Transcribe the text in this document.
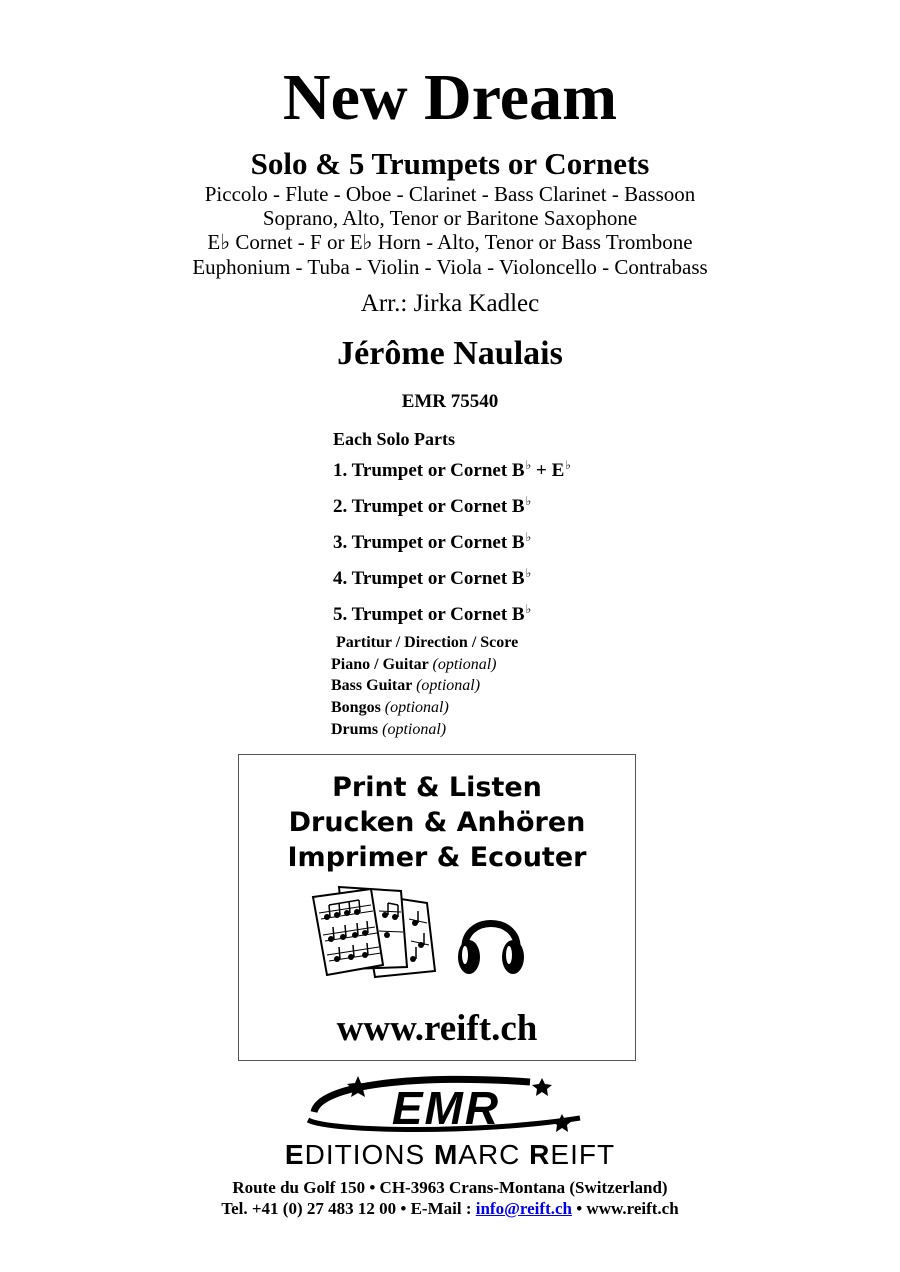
New Dream
Solo & 5 Trumpets or Cornets
Piccolo - Flute - Oboe - Clarinet - Bass Clarinet - Bassoon
Soprano, Alto, Tenor or Baritone Saxophone
E♭ Cornet - F or E♭ Horn - Alto, Tenor or Bass Trombone
Euphonium - Tuba - Violin - Viola - Violoncello - Contrabass
Arr.: Jirka Kadlec
Jérôme Naulais
EMR 75540
Each Solo Parts
1. Trumpet or Cornet B♭ + E♭
2. Trumpet or Cornet B♭
3. Trumpet or Cornet B♭
4. Trumpet or Cornet B♭
5. Trumpet or Cornet B♭
Partitur / Direction / Score
Piano / Guitar (optional)
Bass Guitar (optional)
Bongos (optional)
Drums (optional)
Print & Listen
Drucken & Anhören
Imprimer & Ecouter
www.reift.ch
EMR
EDITIONS MARC REIFT
Route du Golf 150 • CH-3963 Crans-Montana (Switzerland)
Tel. +41 (0) 27 483 12 00 • E-Mail : info@reift.ch • www.reift.ch
